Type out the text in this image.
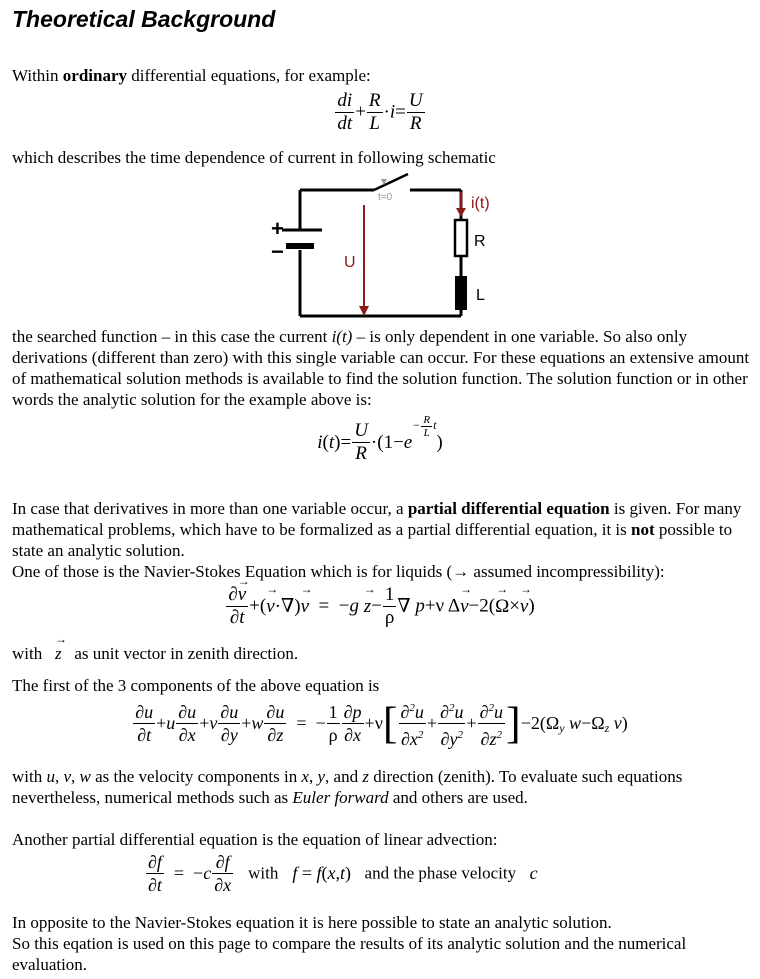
Theoretical Background

Within ordinary differential equations, for example:

$\frac{di}{dt} + \frac{R}{L} \cdot i= \frac{U}{R}$

which describes the time dependence of current in following schematic

t=0	i(t)
R
L
U
+
−

the searched function – in this case the current i(t) – is only dependent in one variable. So also only derivations (different than zero) with this single variable can occur. For these equations an extensive amount of mathematical solution methods is available to find the solution function. The solution function or in other words the analytic solution for the example above is:

$i(t)= \frac{U}{R} \cdot(1-e^{- \frac{R}{L} t})$

In case that derivatives in more than one variable occur, a partial differential equation is given. For many mathematical problems, which have to be formalized as a partial differential equation, it is not possible to state an analytic solution.

One of those is the Navier-Stokes Equation which is for liquids (→ assumed incompressibility):

$\frac{\partial\to v}{\partial t}$ +(→ $v\cdot\nabla)\to v = -g \to z- \frac{1}{\rho}$ ∇ p+ν Δ→ v−2(→ Ω×→ v)

with → z as unit vector in zenith direction.

The first of the 3 components of the above equation is

$\frac{\partial u}{\partial t} +u \frac{\partial u}{\partial x} +v \frac{\partial u}{\partial y} +w \frac{\partial u}{\partial z}$ =  − $\frac{1}{\rho} \frac{\partial p}{\partial x} +\nu[ \frac{\partial^2u}{\partial x^2} + \frac{\partial^2u}{\partial y^2} + \frac{\partial^2u}{\partial z^2} ]-2(\Omega_y$ $w-\Omega_z$ v)

with u, v, w as the velocity components in x, y, and z direction (zenith). To evaluate such equations nevertheless, numerical methods such as Euler forward and others are used.

Another partial differential equation is the equation of linear advection:

$\frac{\partial f}{\partial t} = -c \frac{\partial f}{\partial x}$ with f = f(x,t) and the phase velocity c

In opposite to the Navier-Stokes equation it is here possible to state an analytic solution.
So this eqation is used on this page to compare the results of its analytic solution and the numerical evaluation.
